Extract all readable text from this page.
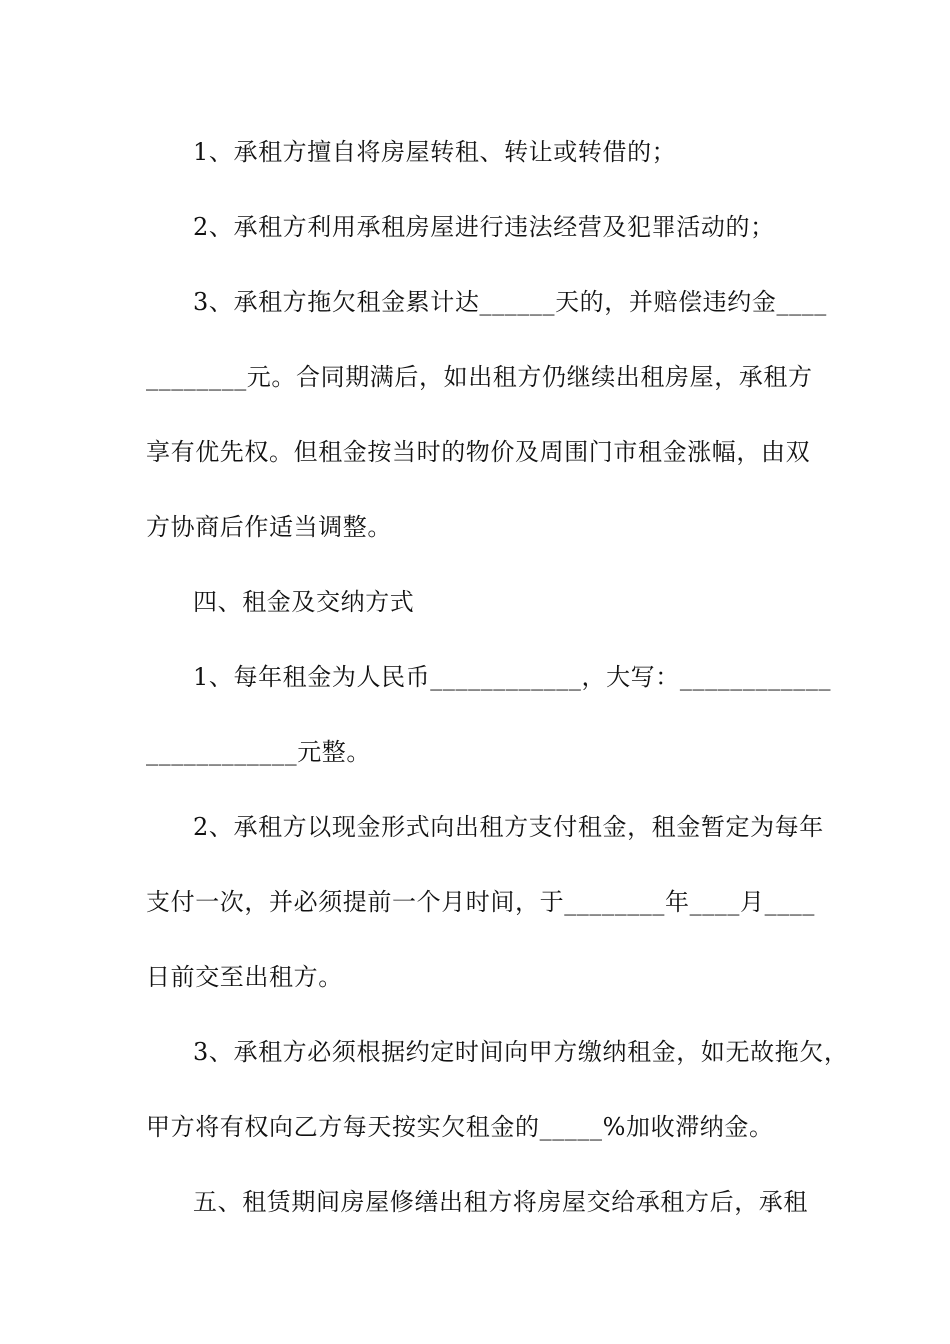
1、承租方擅自将房屋转租、转让或转借的；
2、承租方利用承租房屋进行违法经营及犯罪活动的；
3、承租方拖欠租金累计达______天的，并赔偿违约金____
________元。合同期满后，如出租方仍继续出租房屋，承租方
享有优先权。但租金按当时的物价及周围门市租金涨幅，由双
方协商后作适当调整。
四、租金及交纳方式
1、每年租金为人民币____________，大写：____________
____________元整。
2、承租方以现金形式向出租方支付租金，租金暂定为每年
支付一次，并必须提前一个月时间，于________年____月____
日前交至出租方。
3、承租方必须根据约定时间向甲方缴纳租金，如无故拖欠，
甲方将有权向乙方每天按实欠租金的_____%加收滞纳金。
五、租赁期间房屋修缮出租方将房屋交给承租方后，承租
